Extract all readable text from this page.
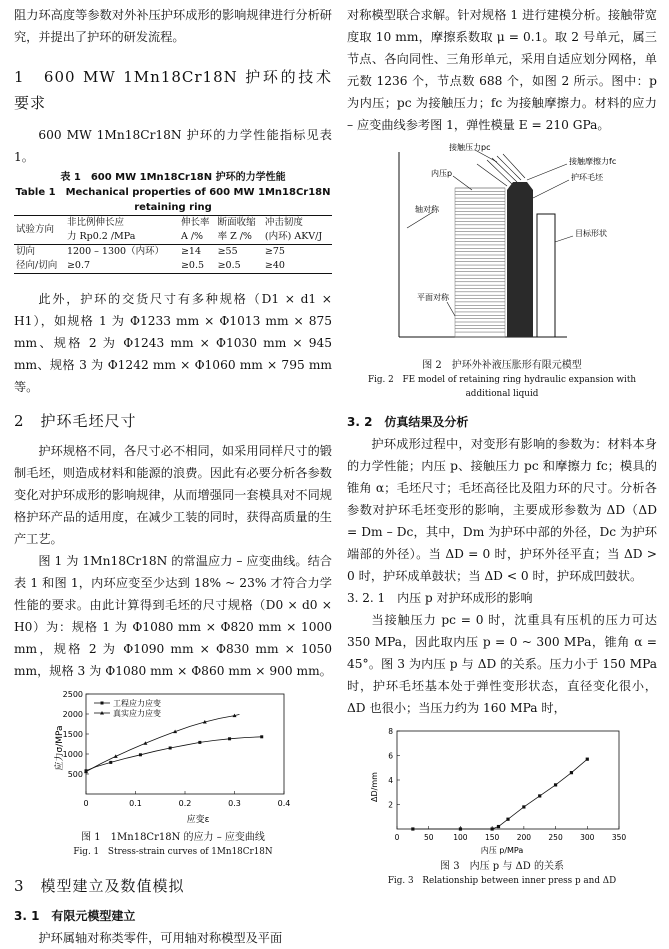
阻力环高度等参数对外补压护环成形的影响规律进行分析研究，并提出了护环的研发流程。

1　600 MW 1Mn18Cr18N 护环的技术要求

600 MW 1Mn18Cr18N 护环的力学性能指标见表 1。

表 1　600 MW 1Mn18Cr18N 护环的力学性能

Table 1　Mechanical properties of 600 MW 1Mn18Cr18N

retaining ring

试验方向	非比例伸长应	伸长率	断面收缩	冲击韧度
	力 Rp0.2 /MPa	A /%	率 Z /%	(内环) AKV/J
切向	1200 – 1300（内环）	≥14	≥55	≥75
径向/切向	≥0.7	≥0.5	≥0.5	≥40

此外，护环的交货尺寸有多种规格（D1 × d1 × H1），如规格 1 为 Φ1233 mm × Φ1013 mm × 875 mm、规格 2 为 Φ1243 mm × Φ1030 mm × 945 mm、规格 3 为 Φ1242 mm × Φ1060 mm × 795 mm 等。

2　护环毛坯尺寸

护环规格不同，各尺寸必不相同，如采用同样尺寸的锻制毛坯，则造成材料和能源的浪费。因此有必要分析各参数变化对护环成形的影响规律，从而增强同一套模具对不同规格护环产品的适用度，在减少工装的同时，获得高质量的生产工艺。

图 1 为 1Mn18Cr18N 的常温应力 – 应变曲线。结合表 1 和图 1，内环应变至少达到 18% ~ 23% 才符合力学性能的要求。由此计算得到毛坯的尺寸规格（D0 × d0 × H0）为：规格 1 为 Φ1080 mm × Φ820 mm × 1000 mm，规格 2 为 Φ1090 mm × Φ830 mm × 1050 mm，规格 3 为 Φ1080 mm × Φ860 mm × 900 mm。

0	0.1	0.2	0.3	0.4
500
1000
1500
2000
2500
工程应力应变
真实应力应变
应力σ/MPa
应变ε

图 1　1Mn18Cr18N 的应力 – 应变曲线

Fig. 1　Stress-strain curves of 1Mn18Cr18N

3　模型建立及数值模拟

3. 1　有限元模型建立

护环属轴对称类零件，可用轴对称模型及平面

对称模型联合求解。针对规格 1 进行建模分析。接触带宽度取 10 mm，摩擦系数取 μ = 0.1。取 2 号单元，属三节点、各向同性、三角形单元，采用自适应划分网格，单元数 1236 个，节点数 688 个，如图 2 所示。图中：p 为内压；pc 为接触压力；fc 为接触摩擦力。材料的应力 – 应变曲线参考图 1，弹性模量 E = 210 GPa。

接触压力pc
接触摩擦力fc
内压p	护环毛坯
轴对称
目标形状
平面对称

图 2　护环外补液压胀形有限元模型

Fig. 2　FE model of retaining ring hydraulic expansion with

additional liquid

3. 2　仿真结果及分析

护环成形过程中，对变形有影响的参数为：材料本身的力学性能；内压 p、接触压力 pc 和摩擦力 fc；模具的锥角 α；毛坯尺寸；毛坯高径比及阻力环的尺寸。分析各参数对护环毛坯变形的影响，主要成形参数为 ΔD（ΔD = Dm – Dc，其中，Dm 为护环中部的外径，Dc 为护环端部的外径）。当 ΔD = 0 时，护环外径平直；当 ΔD > 0 时，护环成单鼓状；当 ΔD < 0 时，护环成凹鼓状。

3. 2. 1　内压 p 对护环成形的影响

当接触压力 pc = 0 时，沈重具有压机的压力可达 350 MPa，因此取内压 p = 0 ~ 300 MPa，锥角 α = 45°。图 3 为内压 p 与 ΔD 的关系。压力小于 150 MPa 时，护环毛坯基本处于弹性变形状态，直径变化很小，ΔD 也很小；当压力约为 160 MPa 时，

0	50	100 150 200 250 300 350
2
4
6
8
ΔD/mm
内压 p/MPa

图 3　内压 p 与 ΔD 的关系

Fig. 3　Relationship between inner press p and ΔD
